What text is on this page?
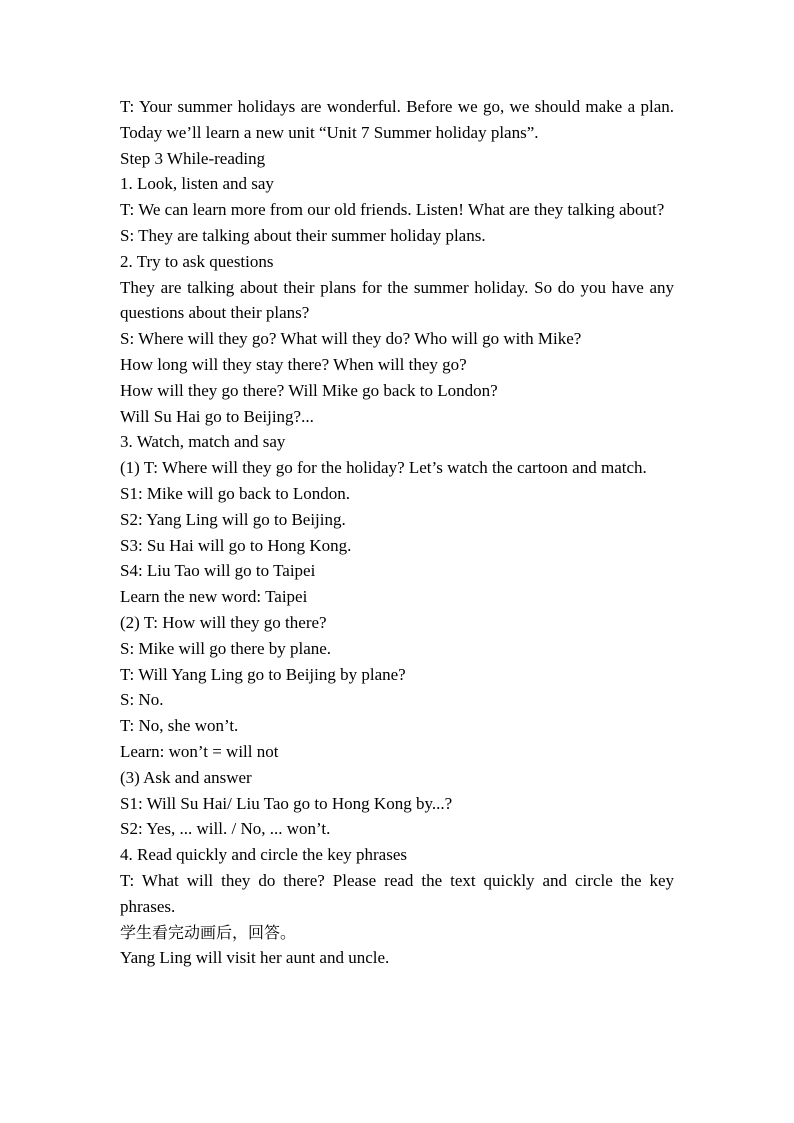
T: Your summer holidays are wonderful. Before we go, we should make a plan. Today we’ll learn a new unit “Unit 7 Summer holiday plans”.
Step 3 While-reading
1. Look, listen and say
T: We can learn more from our old friends. Listen! What are they talking about?
S: They are talking about their summer holiday plans.
2. Try to ask questions
They are talking about their plans for the summer holiday. So do you have any questions about their plans?
S: Where will they go? What will they do? Who will go with Mike?
How long will they stay there? When will they go?
How will they go there? Will Mike go back to London?
Will Su Hai go to Beijing?...
3. Watch, match and say
(1) T: Where will they go for the holiday? Let’s watch the cartoon and match.
S1: Mike will go back to London.
S2: Yang Ling will go to Beijing.
S3: Su Hai will go to Hong Kong.
S4: Liu Tao will go to Taipei
Learn the new word: Taipei
(2) T: How will they go there?
S: Mike will go there by plane.
T: Will Yang Ling go to Beijing by plane?
S: No.
T: No, she won’t.
Learn: won’t = will not
(3) Ask and answer
S1: Will Su Hai/ Liu Tao go to Hong Kong by...?
S2: Yes, ... will. / No, ... won’t.
4. Read quickly and circle the key phrases
T: What will they do there? Please read the text quickly and circle the key phrases.
学生看完动画后，回答。
Yang Ling will visit her aunt and uncle.
